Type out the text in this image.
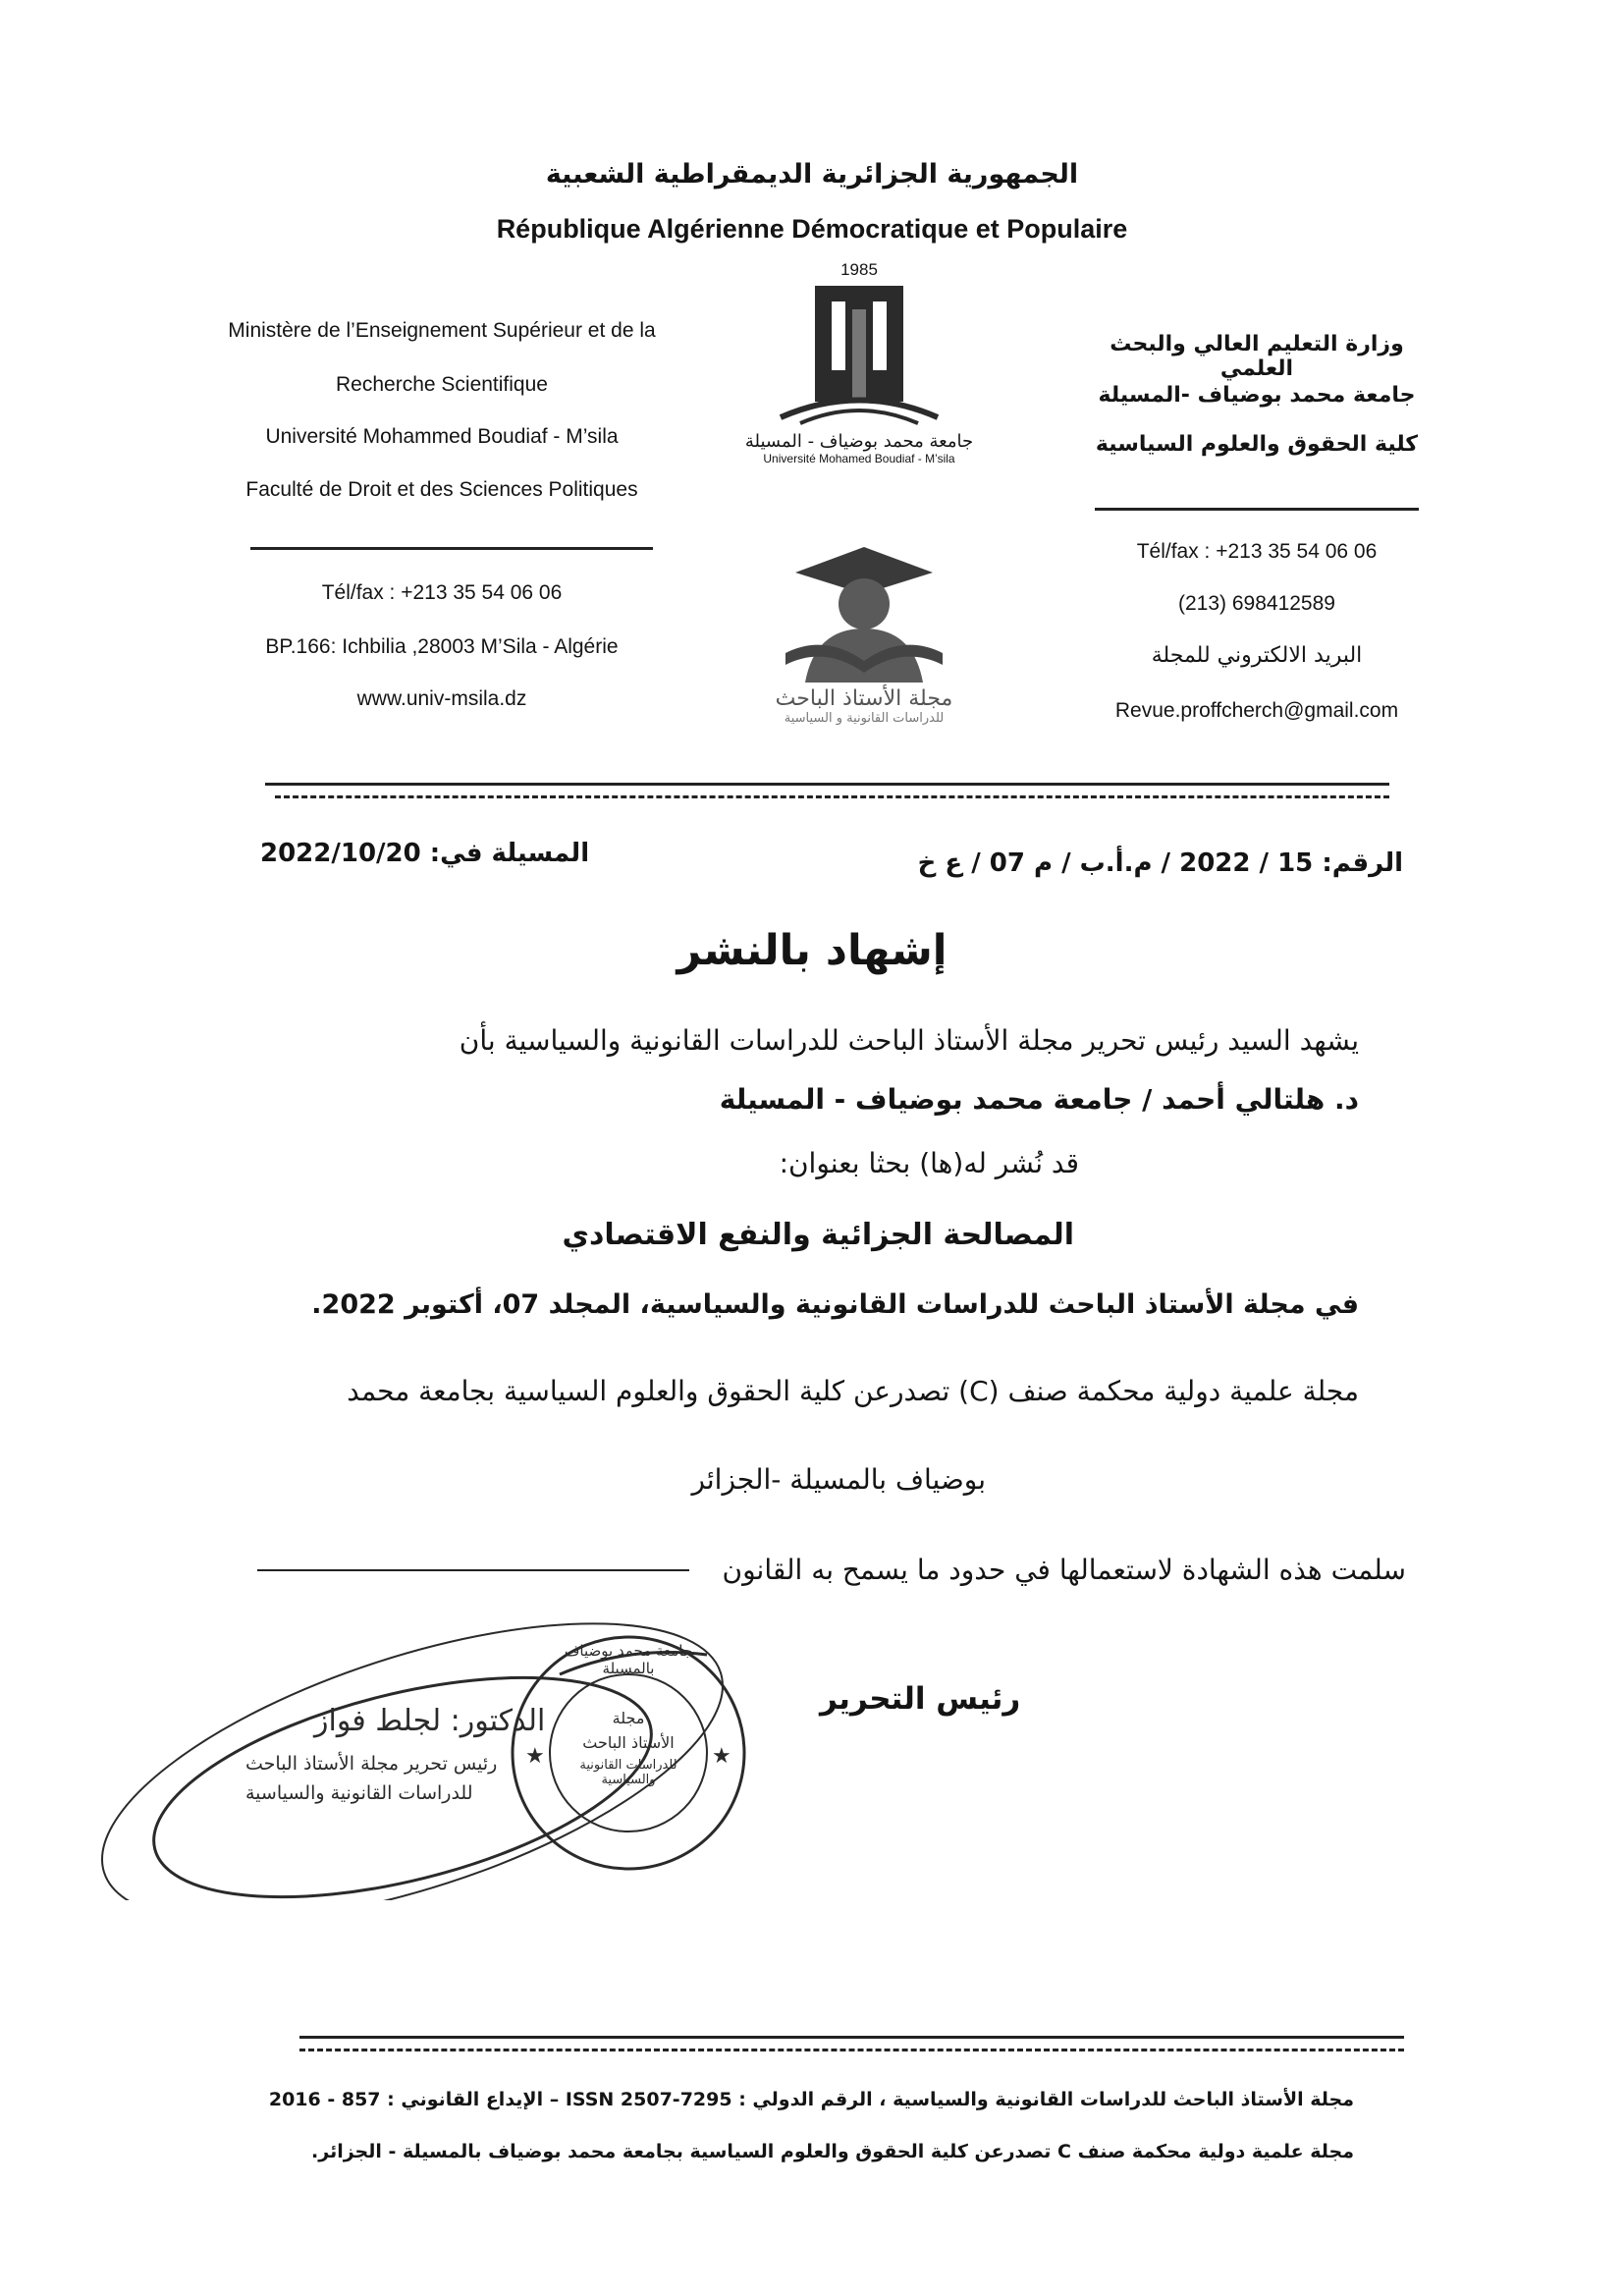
الجمهورية الجزائرية الديمقراطية الشعبية
République Algérienne Démocratique et Populaire
Ministère de l’Enseignement Supérieur et de la
Recherche Scientifique
Université Mohammed Boudiaf - M’sila
Faculté de Droit et des Sciences Politiques
Tél/fax : +213 35 54 06 06
BP.166: Ichbilia ,28003 M’Sila - Algérie
www.univ-msila.dz
وزارة التعليم العالي والبحث العلمي
جامعة محمد بوضياف -المسيلة
كلية الحقوق والعلوم السياسية
Tél/fax : +213 35 54 06 06
(213) 698412589
البريد الالكتروني للمجلة
Revue.proffcherch@gmail.com
1985
جامعة محمد بوضياف - المسيلة
Université Mohamed Boudiaf - M’sila
مجلة الأستاذ الباحث
للدراسات القانونية و السياسية
الرقم: 15 / 2022 / م.أ.ب / م 07 / ع خ
المسيلة في: 2022/10/20
إشهاد بالنشر
يشهد السيد رئيس تحرير مجلة الأستاذ الباحث للدراسات القانونية والسياسية بأن
د. هلتالي أحمد / جامعة محمد بوضياف - المسيلة
قد نُشر له(ها) بحثا بعنوان:
المصالحة الجزائية والنفع الاقتصادي
في مجلة الأستاذ الباحث للدراسات القانونية والسياسية، المجلد 07، أكتوبر 2022.
مجلة علمية دولية محكمة صنف (C) تصدرعن كلية الحقوق والعلوم السياسية بجامعة محمد
بوضياف بالمسيلة -الجزائر
سلمت هذه الشهادة لاستعمالها في حدود ما يسمح به القانون
رئيس التحرير
الدكتور: لجلط فواز
رئيس تحرير مجلة الأستاذ الباحث
للدراسات القانونية والسياسية
★	★
جامعة محمد بوضياف بالمسيلة
مجلة
الأستاذ الباحث
للدراسات القانونية والسياسية
مجلة الأستاذ الباحث للدراسات القانونية والسياسية ، الرقم الدولي : ISSN 2507-7295 – الإيداع القانوني : 857 - 2016
مجلة علمية دولية محكمة صنف C تصدرعن كلية الحقوق والعلوم السياسية بجامعة محمد بوضياف بالمسيلة - الجزائر.
